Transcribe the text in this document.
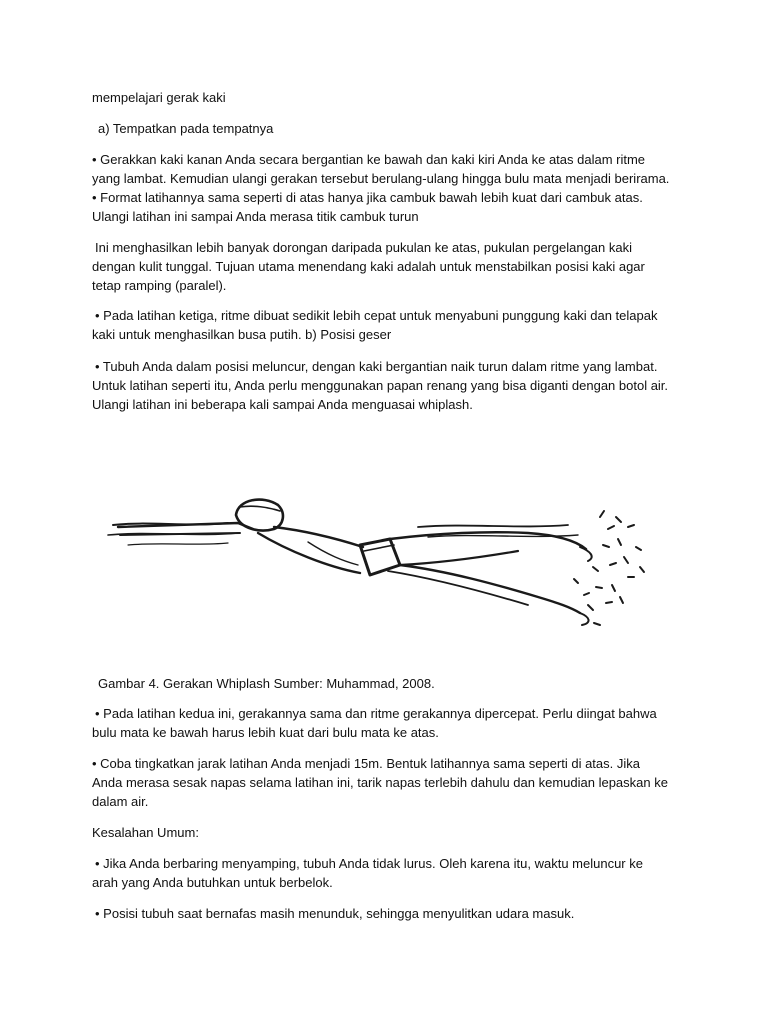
mempelajari gerak kaki
a) Tempatkan pada tempatnya
• Gerakkan kaki kanan Anda secara bergantian ke bawah dan kaki kiri Anda ke atas dalam ritme
yang lambat. Kemudian ulangi gerakan tersebut berulang-ulang hingga bulu mata menjadi berirama.
• Format latihannya sama seperti di atas hanya jika cambuk bawah lebih kuat dari cambuk atas.
Ulangi latihan ini sampai Anda merasa titik cambuk turun
Ini menghasilkan lebih banyak dorongan daripada pukulan ke atas, pukulan pergelangan kaki
dengan kulit tunggal. Tujuan utama menendang kaki adalah untuk menstabilkan posisi kaki agar
tetap ramping (paralel).
• Pada latihan ketiga, ritme dibuat sedikit lebih cepat untuk menyabuni punggung kaki dan telapak
kaki untuk menghasilkan busa putih. b) Posisi geser
• Tubuh Anda dalam posisi meluncur, dengan kaki bergantian naik turun dalam ritme yang lambat.
Untuk latihan seperti itu, Anda perlu menggunakan papan renang yang bisa diganti dengan botol air.
Ulangi latihan ini beberapa kali sampai Anda menguasai whiplash.
Gambar 4. Gerakan Whiplash Sumber: Muhammad, 2008.
• Pada latihan kedua ini, gerakannya sama dan ritme gerakannya dipercepat. Perlu diingat bahwa
bulu mata ke bawah harus lebih kuat dari bulu mata ke atas.
• Coba tingkatkan jarak latihan Anda menjadi 15m. Bentuk latihannya sama seperti di atas. Jika
Anda merasa sesak napas selama latihan ini, tarik napas terlebih dahulu dan kemudian lepaskan ke
dalam air.
Kesalahan Umum:
• Jika Anda berbaring menyamping, tubuh Anda tidak lurus. Oleh karena itu, waktu meluncur ke
arah yang Anda butuhkan untuk berbelok.
• Posisi tubuh saat bernafas masih menunduk, sehingga menyulitkan udara masuk.
